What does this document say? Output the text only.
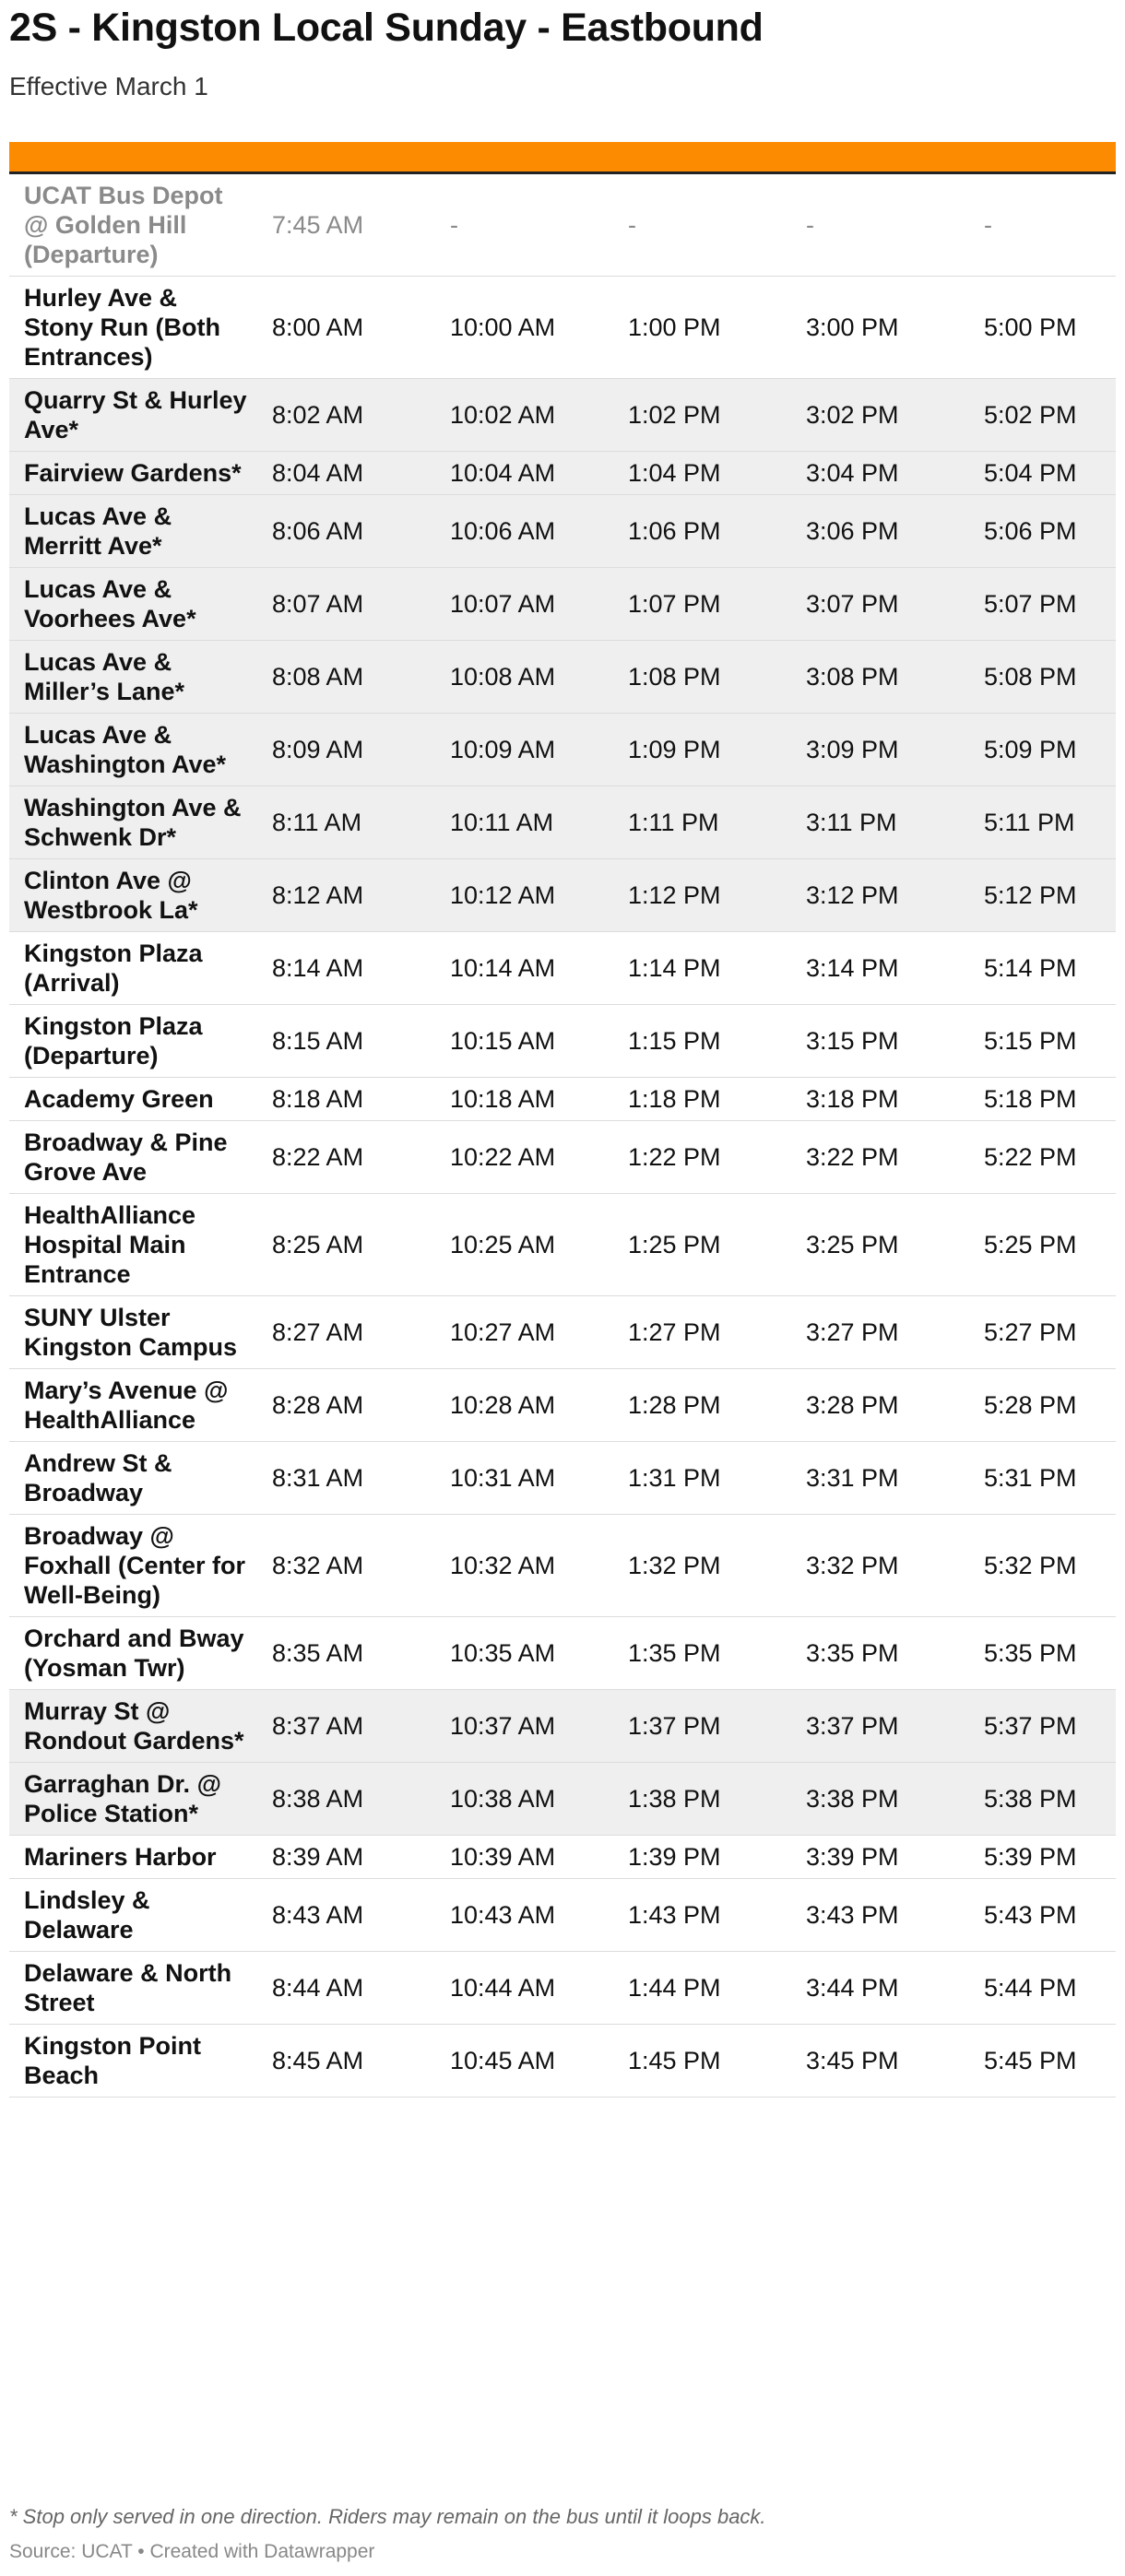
2S - Kingston Local Sunday - Eastbound

Effective March 1

UCAT Bus Depot @ Golden Hill (Departure)	7:45 AM	-	-	-	-
Hurley Ave & Stony Run (Both Entrances)	8:00 AM	10:00 AM	1:00 PM	3:00 PM	5:00 PM
Quarry St & Hurley Ave*	8:02 AM	10:02 AM	1:02 PM	3:02 PM	5:02 PM
Fairview Gardens*	8:04 AM	10:04 AM	1:04 PM	3:04 PM	5:04 PM
Lucas Ave & Merritt Ave*	8:06 AM	10:06 AM	1:06 PM	3:06 PM	5:06 PM
Lucas Ave & Voorhees Ave*	8:07 AM	10:07 AM	1:07 PM	3:07 PM	5:07 PM
Lucas Ave & Miller’s Lane*	8:08 AM	10:08 AM	1:08 PM	3:08 PM	5:08 PM
Lucas Ave & Washington Ave*	8:09 AM	10:09 AM	1:09 PM	3:09 PM	5:09 PM
Washington Ave & Schwenk Dr*	8:11 AM	10:11 AM	1:11 PM	3:11 PM	5:11 PM
Clinton Ave @ Westbrook La*	8:12 AM	10:12 AM	1:12 PM	3:12 PM	5:12 PM
Kingston Plaza (Arrival)	8:14 AM	10:14 AM	1:14 PM	3:14 PM	5:14 PM
Kingston Plaza (Departure)	8:15 AM	10:15 AM	1:15 PM	3:15 PM	5:15 PM
Academy Green	8:18 AM	10:18 AM	1:18 PM	3:18 PM	5:18 PM
Broadway & Pine Grove Ave	8:22 AM	10:22 AM	1:22 PM	3:22 PM	5:22 PM
HealthAlliance Hospital Main Entrance	8:25 AM	10:25 AM	1:25 PM	3:25 PM	5:25 PM
SUNY Ulster Kingston Campus	8:27 AM	10:27 AM	1:27 PM	3:27 PM	5:27 PM
Mary’s Avenue @ HealthAlliance	8:28 AM	10:28 AM	1:28 PM	3:28 PM	5:28 PM
Andrew St & Broadway	8:31 AM	10:31 AM	1:31 PM	3:31 PM	5:31 PM
Broadway @ Foxhall (Center for Well-Being)	8:32 AM	10:32 AM	1:32 PM	3:32 PM	5:32 PM
Orchard and Bway (Yosman Twr)	8:35 AM	10:35 AM	1:35 PM	3:35 PM	5:35 PM
Murray St @ Rondout Gardens*	8:37 AM	10:37 AM	1:37 PM	3:37 PM	5:37 PM
Garraghan Dr. @ Police Station*	8:38 AM	10:38 AM	1:38 PM	3:38 PM	5:38 PM
Mariners Harbor	8:39 AM	10:39 AM	1:39 PM	3:39 PM	5:39 PM
Lindsley & Delaware	8:43 AM	10:43 AM	1:43 PM	3:43 PM	5:43 PM
Delaware & North Street	8:44 AM	10:44 AM	1:44 PM	3:44 PM	5:44 PM
Kingston Point Beach	8:45 AM	10:45 AM	1:45 PM	3:45 PM	5:45 PM

* Stop only served in one direction. Riders may remain on the bus until it loops back.

Source: UCAT • Created with Datawrapper
